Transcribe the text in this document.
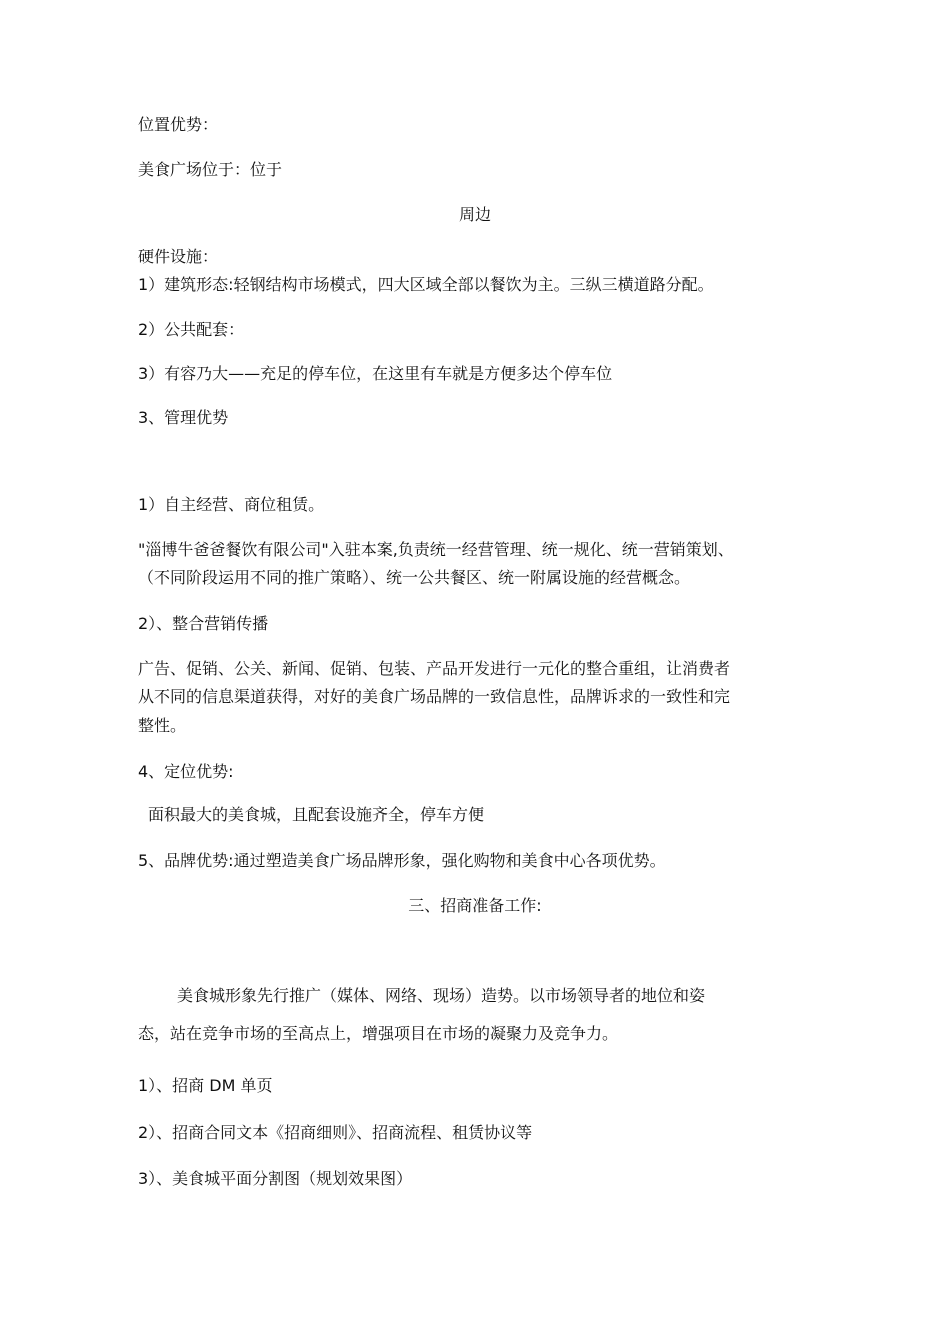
位置优势：
美食广场位于：位于
周边
硬件设施：
1）建筑形态:轻钢结构市场模式，四大区域全部以餐饮为主。三纵三横道路分配。
2）公共配套：
3）有容乃大——充足的停车位，在这里有车就是方便多达个停车位
3、管理优势
1）自主经营、商位租赁。
"淄博牛爸爸餐饮有限公司"入驻本案,负责统一经营管理、统一规化、统一营销策划、
（不同阶段运用不同的推广策略）、统一公共餐区、统一附属设施的经营概念。
2）、整合营销传播
广告、促销、公关、新闻、促销、包装、产品开发进行一元化的整合重组，让消费者
从不同的信息渠道获得，对好的美食广场品牌的一致信息性，品牌诉求的一致性和完
整性。
4、定位优势:
面积最大的美食城，且配套设施齐全，停车方便
5、品牌优势:通过塑造美食广场品牌形象，强化购物和美食中心各项优势。
三、招商准备工作:
美食城形象先行推广（媒体、网络、现场）造势。以市场领导者的地位和姿
态，站在竞争市场的至高点上，增强项目在市场的凝聚力及竞争力。
1）、招商 DM 单页
2）、招商合同文本《招商细则》、招商流程、租赁协议等
3）、美食城平面分割图（规划效果图）
